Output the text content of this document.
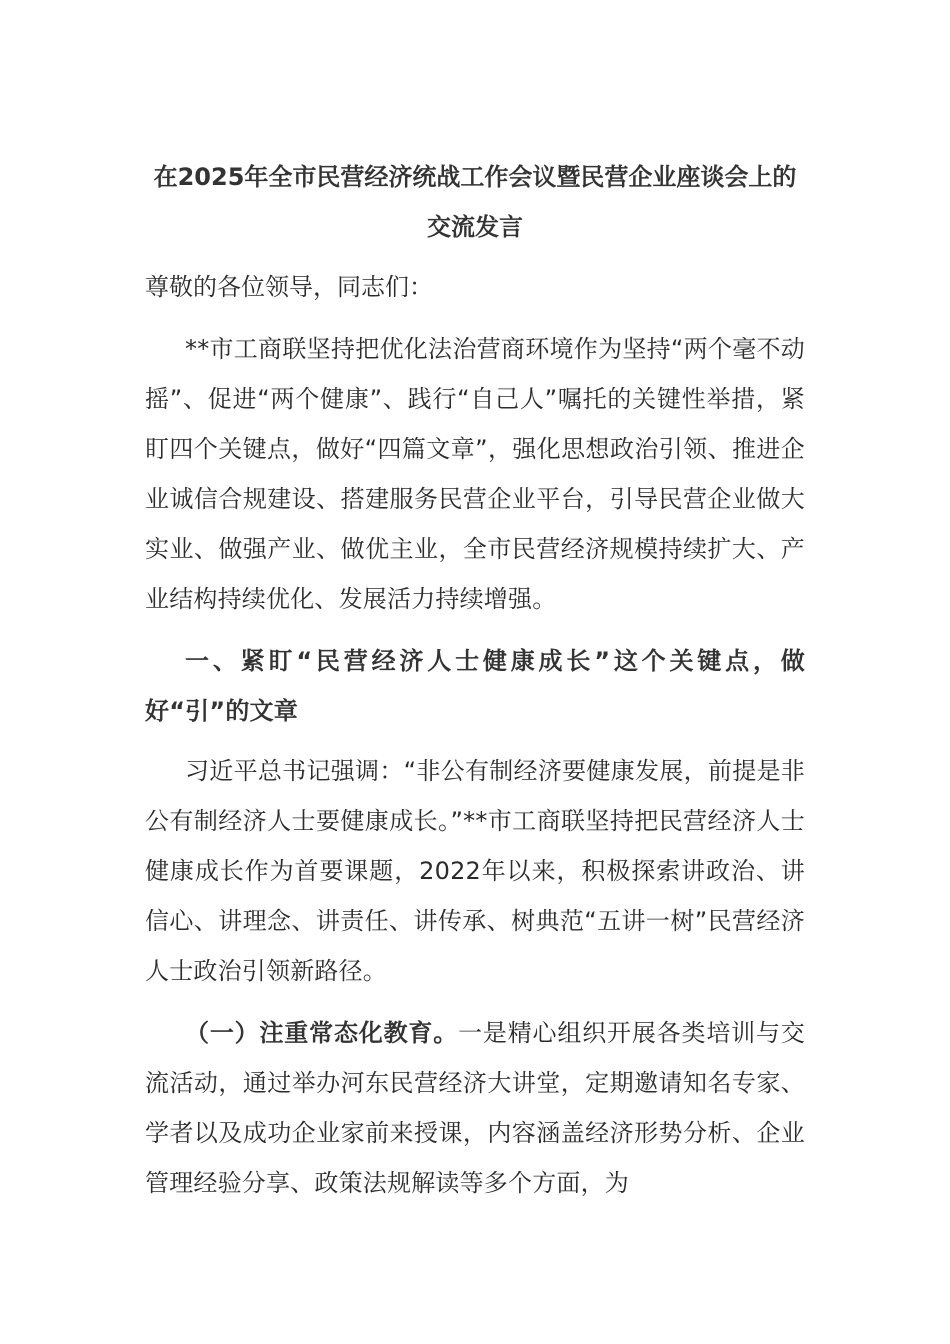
在2025年全市民营经济统战工作会议暨民营企业座谈会上的交流发言

尊敬的各位领导，同志们：

**市工商联坚持把优化法治营商环境作为坚持“两个毫不动摇”、促进“两个健康”、践行“自己人”嘱托的关键性举措，紧盯四个关键点，做好“四篇文章”，强化思想政治引领、推进企业诚信合规建设、搭建服务民营企业平台，引导民营企业做大实业、做强产业、做优主业，全市民营经济规模持续扩大、产业结构持续优化、发展活力持续增强。

一、紧盯“民营经济人士健康成长”这个关键点，做好“引”的文章

习近平总书记强调：“非公有制经济要健康发展，前提是非公有制经济人士要健康成长。”**市工商联坚持把民营经济人士健康成长作为首要课题，2022年以来，积极探索讲政治、讲信心、讲理念、讲责任、讲传承、树典范“五讲一树”民营经济人士政治引领新路径。

（一）注重常态化教育。一是精心组织开展各类培训与交流活动，通过举办河东民营经济大讲堂，定期邀请知名专家、学者以及成功企业家前来授课，内容涵盖经济形势分析、企业管理经验分享、政策法规解读等多个方面，为
